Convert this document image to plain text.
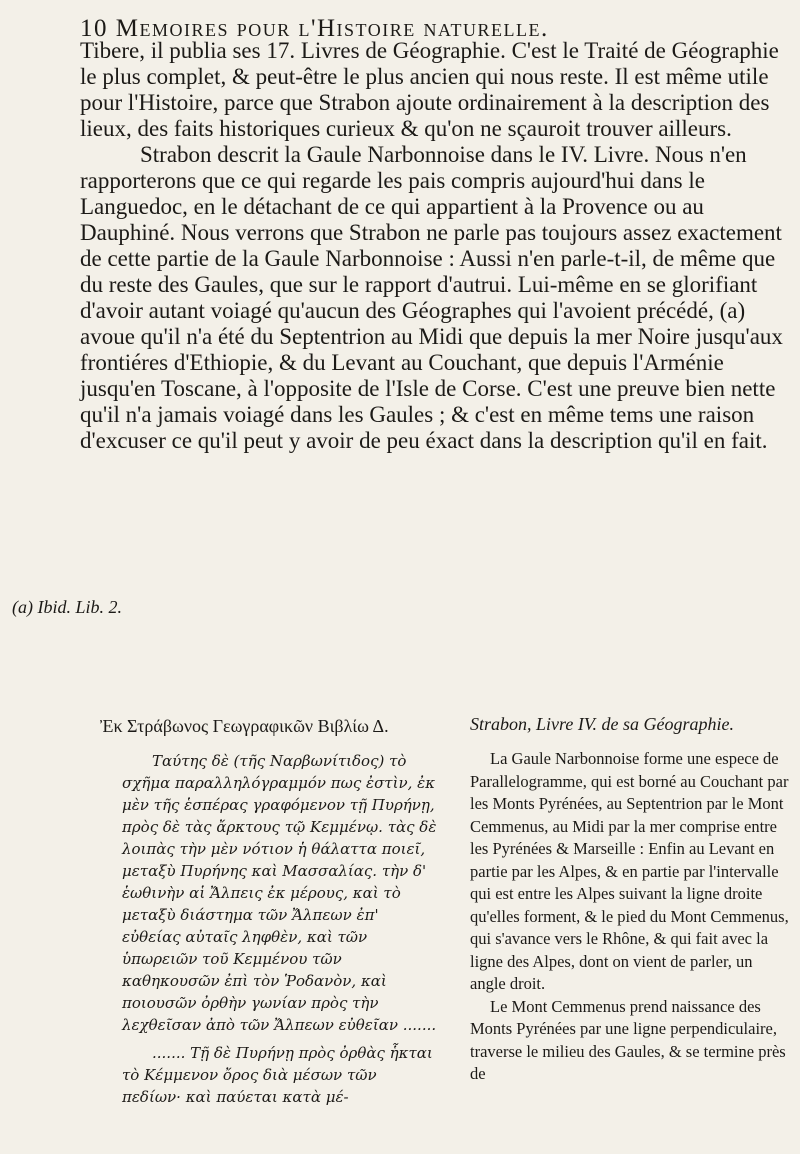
10 Memoires pour l'Histoire naturelle.

Tibere, il publia ses 17. Livres de Géographie. C'est le Traité de Géographie le plus complet, & peut-être le plus ancien qui nous reste. Il est même utile pour l'Histoire, parce que Strabon ajoute ordinairement à la description des lieux, des faits historiques curieux & qu'on ne sçauroit trouver ailleurs.

Strabon descrit la Gaule Narbonnoise dans le IV. Livre. Nous n'en rapporterons que ce qui regarde les pais compris aujourd'hui dans le Languedoc, en le détachant de ce qui appartient à la Provence ou au Dauphiné. Nous verrons que Strabon ne parle pas toujours assez exactement de cette partie de la Gaule Narbonnoise : Aussi n'en parle-t-il, de même que du reste des Gaules, que sur le rapport d'autrui. Lui-même en se glorifiant d'avoir autant voiagé qu'aucun des Géographes qui l'avoient précédé, (a) avoue qu'il n'a été du Septentrion au Midi que depuis la mer Noire jusqu'aux frontiéres d'Ethiopie, & du Levant au Couchant, que depuis l'Arménie jusqu'en Toscane, à l'opposite de l'Isle de Corse. C'est une preuve bien nette qu'il n'a jamais voiagé dans les Gaules ; & c'est en même tems une raison d'excuser ce qu'il peut y avoir de peu éxact dans la description qu'il en fait.

(a) Ibid. Lib. 2.
Ἐκ Στράβωνος Γεωγραφικῶν Βιβλίω Δ.	Strabon, Livre IV. de sa Géographie.

Ταύτης δὲ (τῆς Ναρβωνίτιδος) τὸ σχῆμα παραλληλόγραμμόν πως ἐστὶν, ἐκ μὲν τῆς ἑσπέρας γραφόμενον τῇ Πυρήνῃ, πρὸς δὲ τὰς ἄρκτους τῷ Κεμμένῳ. τὰς δὲ λοιπὰς τὴν μὲν νότιον ἡ θάλαττα ποιεῖ, μεταξὺ Πυρήνης καὶ Μασσαλίας. τὴν δ' ἑωθινὴν αἱ Ἄλπεις ἐκ μέρους, καὶ τὸ μεταξὺ διάστημα τῶν Ἄλπεων ἐπ' εὐθείας αὐταῖς ληφθὲν, καὶ τῶν ὑπωρειῶν τοῦ Κεμμένου τῶν καθηκουσῶν ἐπὶ τὸν Ῥοδανὸν, καὶ ποιουσῶν ὀρθὴν γωνίαν πρὸς τὴν λεχθεῖσαν ἀπὸ τῶν Ἄλπεων εὐθεῖαν .......

....... Τῇ δὲ Πυρήνῃ πρὸς ὀρθὰς ἧκται τὸ Κέμμενον ὄρος διὰ μέσων τῶν πεδίων· καὶ παύεται κατὰ μέ-

La Gaule Narbonnoise forme une espece de Parallelogramme, qui est borné au Couchant par les Monts Pyrénées, au Septentrion par le Mont Cemmenus, au Midi par la mer comprise entre les Pyrénées & Marseille : Enfin au Levant en partie par les Alpes, & en partie par l'intervalle qui est entre les Alpes suivant la ligne droite qu'elles forment, & le pied du Mont Cemmenus, qui s'avance vers le Rhône, & qui fait avec la ligne des Alpes, dont on vient de parler, un angle droit.

Le Mont Cemmenus prend naissance des Monts Pyrénées par une ligne perpendiculaire, traverse le milieu des Gaules, & se termine près de
